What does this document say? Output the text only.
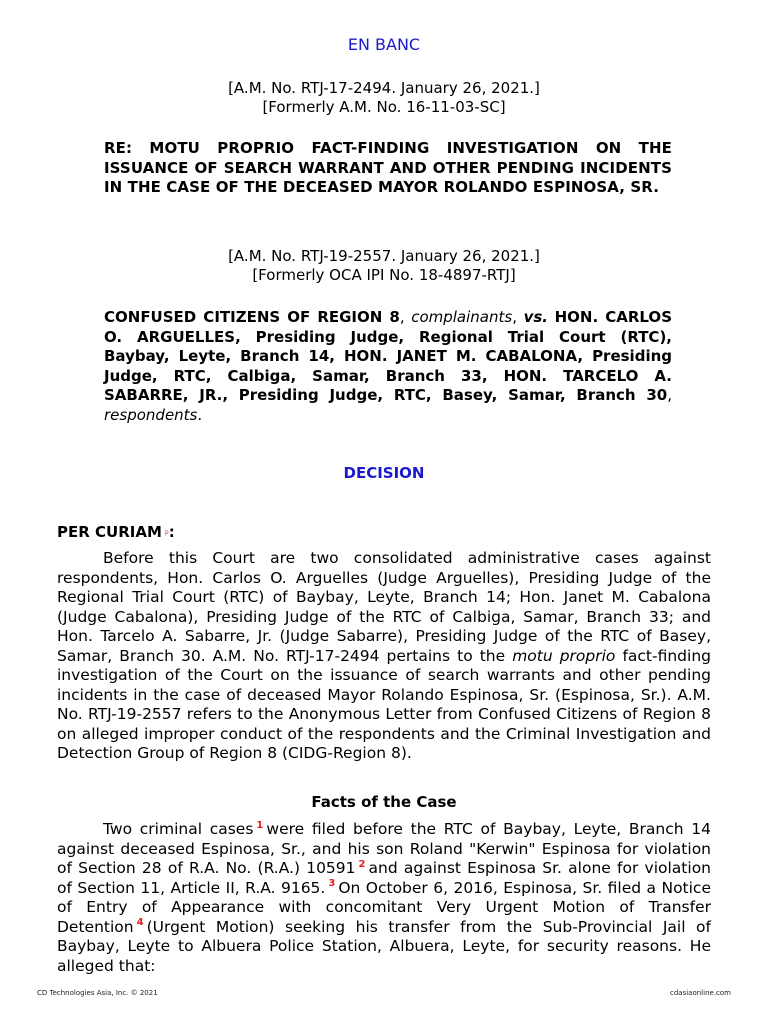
EN BANC
[A.M. No. RTJ-17-2494. January 26, 2021.]
[Formerly A.M. No. 16-11-03-SC]
RE: MOTU PROPRIO FACT-FINDING INVESTIGATION ON THE ISSUANCE OF SEARCH WARRANT AND OTHER PENDING INCIDENTS IN THE CASE OF THE DECEASED MAYOR ROLANDO ESPINOSA, SR.
[A.M. No. RTJ-19-2557. January 26, 2021.]
[Formerly OCA IPI No. 18-4897-RTJ]
CONFUSED CITIZENS OF REGION 8, complainants, vs. HON. CARLOS O. ARGUELLES, Presiding Judge, Regional Trial Court (RTC), Baybay, Leyte, Branch 14, HON. JANET M. CABALONA, Presiding Judge, RTC, Calbiga, Samar, Branch 33, HON. TARCELO A. SABARRE, JR., Presiding Judge, RTC, Basey, Samar, Branch 30, respondents.
DECISION
PER CURIAM p:
Before this Court are two consolidated administrative cases against respondents, Hon. Carlos O. Arguelles (Judge Arguelles), Presiding Judge of the Regional Trial Court (RTC) of Baybay, Leyte, Branch 14; Hon. Janet M. Cabalona (Judge Cabalona), Presiding Judge of the RTC of Calbiga, Samar, Branch 33; and Hon. Tarcelo A. Sabarre, Jr. (Judge Sabarre), Presiding Judge of the RTC of Basey, Samar, Branch 30. A.M. No. RTJ-17-2494 pertains to the motu proprio fact-finding investigation of the Court on the issuance of search warrants and other pending incidents in the case of deceased Mayor Rolando Espinosa, Sr. (Espinosa, Sr.). A.M. No. RTJ-19-2557 refers to the Anonymous Letter from Confused Citizens of Region 8 on alleged improper conduct of the respondents and the Criminal Investigation and Detection Group of Region 8 (CIDG-Region 8).
Facts of the Case
Two criminal cases $^1$ were filed before the RTC of Baybay, Leyte, Branch 14 against deceased Espinosa, Sr., and his son Roland "Kerwin" Espinosa for violation of Section 28 of R.A. No. (R.A.) 10591 $^2$ and against Espinosa Sr. alone for violation of Section 11, Article II, R.A. 9165. $^3$ On October 6, 2016, Espinosa, Sr. filed a Notice of Entry of Appearance with concomitant Very Urgent Motion of Transfer Detention $^4$ (Urgent Motion) seeking his transfer from the Sub-Provincial Jail of Baybay, Leyte to Albuera Police Station, Albuera, Leyte, for security reasons. He alleged that:
CD Technologies Asia, Inc. © 2021	cdasiaonline.com
